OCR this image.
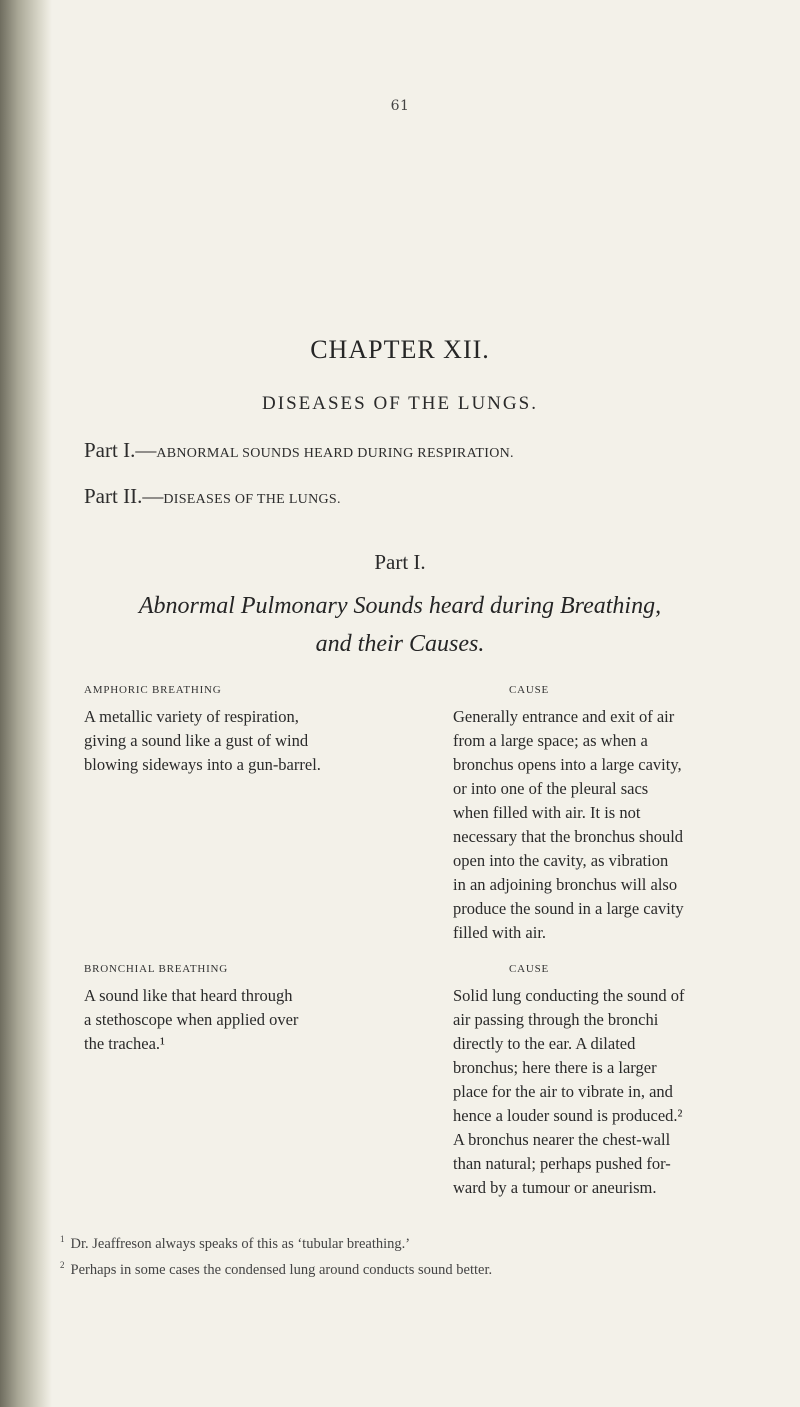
61
CHAPTER XII.
DISEASES OF THE LUNGS.
Part I.—ABNORMAL SOUNDS HEARD DURING RESPIRATION.
Part II.—DISEASES OF THE LUNGS.
Part I.
Abnormal Pulmonary Sounds heard during Breathing,
and their Causes.
AMPHORIC BREATHING	CAUSE
A metallic variety of respiration,
giving a sound like a gust of wind
blowing sideways into a gun-barrel.
Generally entrance and exit of air
from a large space; as when a
bronchus opens into a large cavity,
or into one of the pleural sacs
when filled with air. It is not
necessary that the bronchus should
open into the cavity, as vibration
in an adjoining bronchus will also
produce the sound in a large cavity
filled with air.
BRONCHIAL BREATHING	CAUSE
A sound like that heard through
a stethoscope when applied over
the trachea.¹
Solid lung conducting the sound of
air passing through the bronchi
directly to the ear. A dilated
bronchus; here there is a larger
place for the air to vibrate in, and
hence a louder sound is produced.²
A bronchus nearer the chest-wall
than natural; perhaps pushed for-
ward by a tumour or aneurism.
$^1$ Dr. Jeaffreson always speaks of this as ‘tubular breathing.’
$^2$ Perhaps in some cases the condensed lung around conducts sound better.
